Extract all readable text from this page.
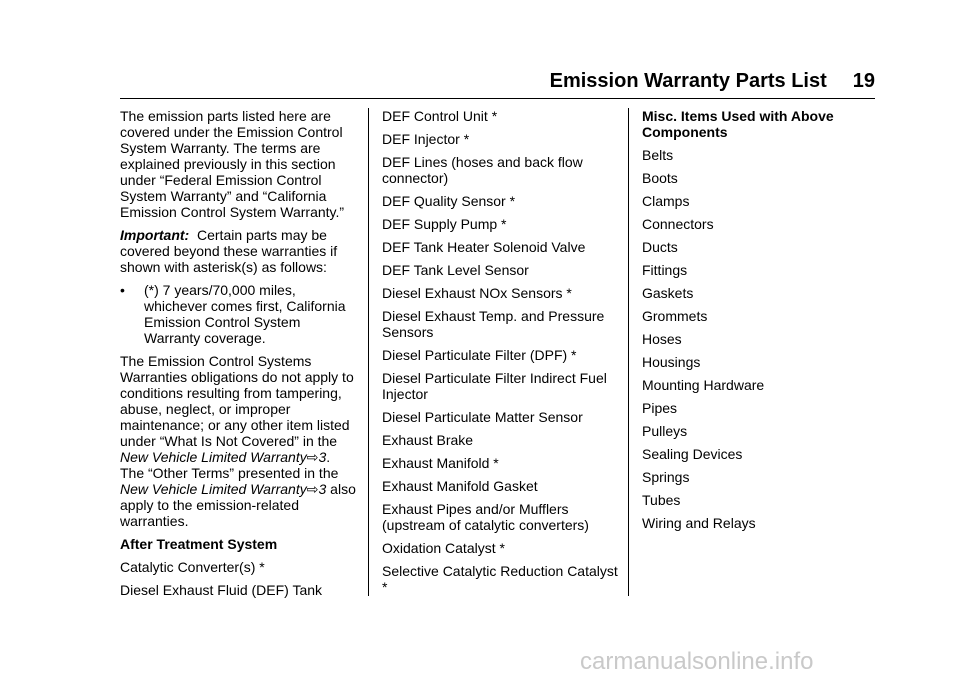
Emission Warranty Parts List 19

The emission parts listed here are covered under the Emission Control System Warranty. The terms are explained previously in this section under “Federal Emission Control System Warranty” and “California Emission Control System Warranty.”

Important: Certain parts may be covered beyond these warranties if shown with asterisk(s) as follows:

•	(*) 7 years/70,000 miles, whichever comes first, California Emission Control System Warranty coverage.

The Emission Control Systems Warranties obligations do not apply to conditions resulting from tampering, abuse, neglect, or improper maintenance; or any other item listed under “What Is Not Covered” in the New Vehicle Limited Warranty⇨3. The “Other Terms” presented in the New Vehicle Limited Warranty⇨3 also apply to the emission-related warranties.

After Treatment System

Catalytic Converter(s) *

Diesel Exhaust Fluid (DEF) Tank

DEF Control Unit *

DEF Injector *

DEF Lines (hoses and back flow connector)

DEF Quality Sensor *

DEF Supply Pump *

DEF Tank Heater Solenoid Valve

DEF Tank Level Sensor

Diesel Exhaust NOx Sensors *

Diesel Exhaust Temp. and Pressure Sensors

Diesel Particulate Filter (DPF) *

Diesel Particulate Filter Indirect Fuel Injector

Diesel Particulate Matter Sensor

Exhaust Brake

Exhaust Manifold *

Exhaust Manifold Gasket

Exhaust Pipes and/or Mufflers (upstream of catalytic converters)

Oxidation Catalyst *

Selective Catalytic Reduction Catalyst *

Misc. Items Used with Above Components

Belts

Boots

Clamps

Connectors

Ducts

Fittings

Gaskets

Grommets

Hoses

Housings

Mounting Hardware

Pipes

Pulleys

Sealing Devices

Springs

Tubes

Wiring and Relays

carmanualsonline.info
